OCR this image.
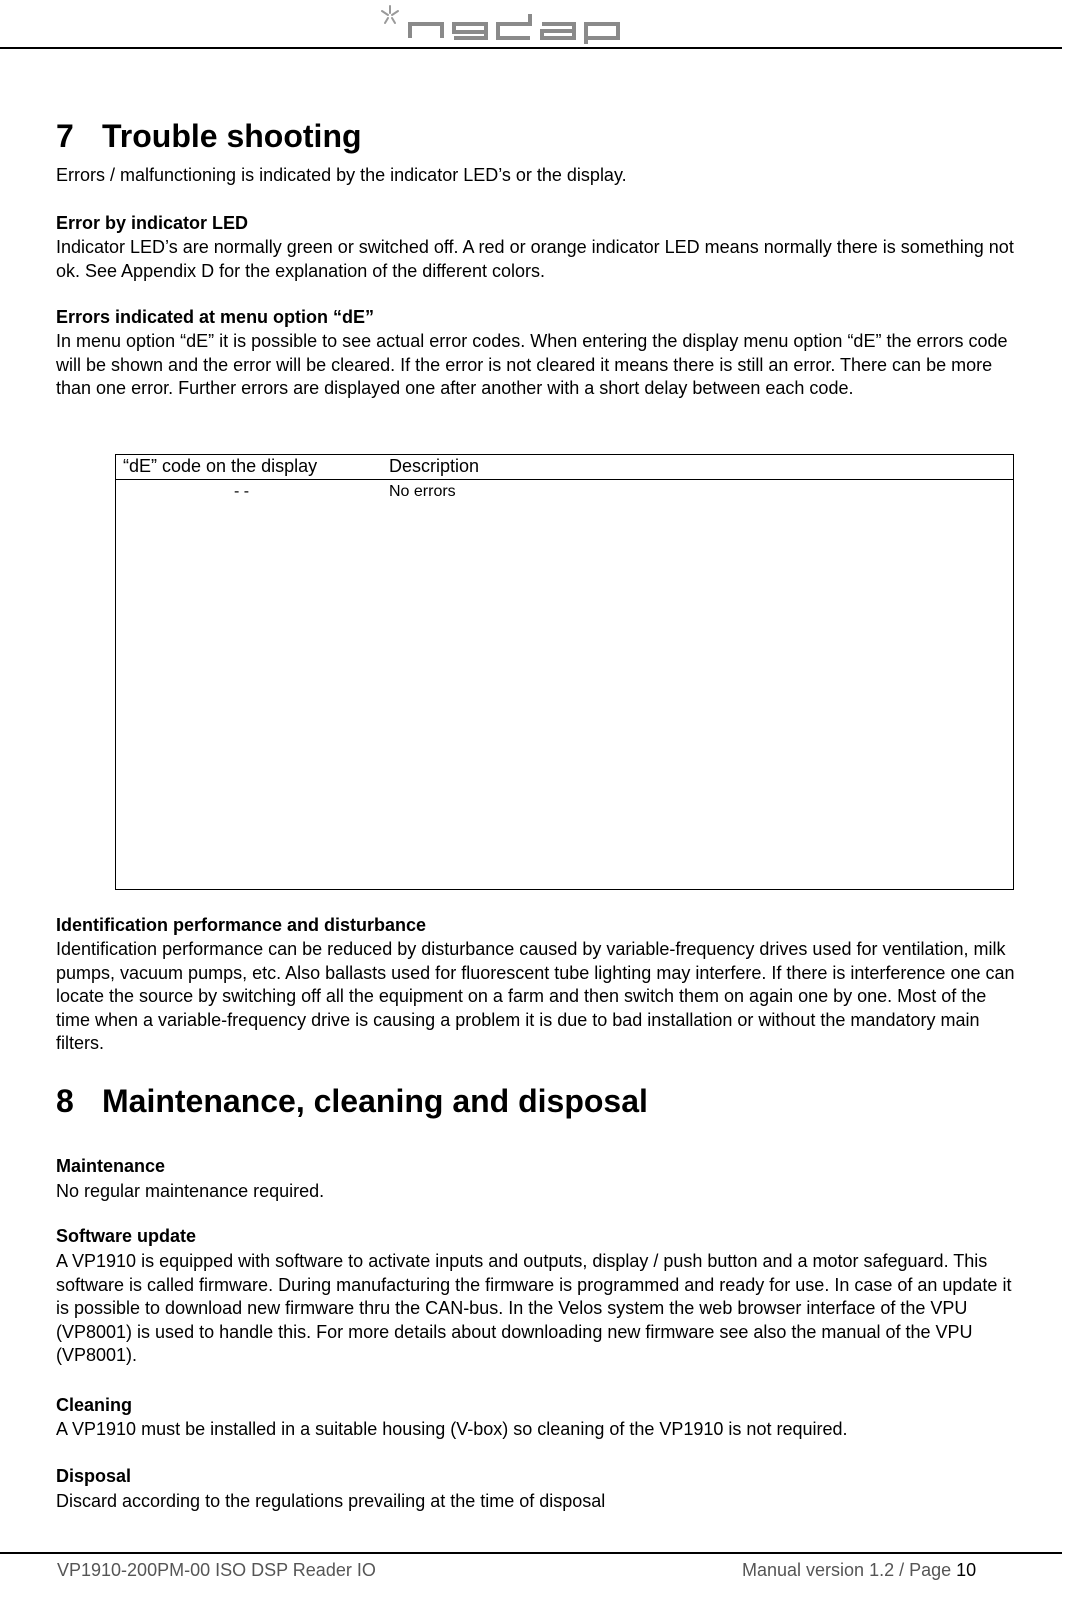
7 Trouble shooting

Errors / malfunctioning is indicated by the indicator LED’s or the display.

Error by indicator LED

Indicator LED’s are normally green or switched off. A red or orange indicator LED means normally there is something not ok. See Appendix D for the explanation of the different colors.

Errors indicated at menu option “dE”

In menu option “dE” it is possible to see actual error codes. When entering the display menu option “dE” the errors code will be shown and the error will be cleared. If the error is not cleared it means there is still an error. There can be more than one error. Further errors are displayed one after another with a short delay between each code.

Identification performance and disturbance

Identification performance can be reduced by disturbance caused by variable-frequency drives used for ventilation, milk pumps, vacuum pumps, etc. Also ballasts used for fluorescent tube lighting may interfere. If there is interference one can locate the source by switching off all the equipment on a farm and then switch them on again one by one. Most of the time when a variable-frequency drive is causing a problem it is due to bad installation or without the mandatory main filters.

8 Maintenance, cleaning and disposal

Maintenance

No regular maintenance required.

Software update

A VP1910 is equipped with software to activate inputs and outputs, display / push button and a motor safeguard. This software is called firmware. During manufacturing the firmware is programmed and ready for use. In case of an update it is possible to download new firmware thru the CAN-bus. In the Velos system the web browser interface of the VPU (VP8001) is used to handle this. For more details about downloading new firmware see also the manual of the VPU (VP8001).

Cleaning

A VP1910 must be installed in a suitable housing (V-box) so cleaning of the VP1910 is not required.

Disposal

Discard according to the regulations prevailing at the time of disposal

“dE” code on the display	Description
- -	No errors
VP1910-200PM-00 ISO DSP Reader IO	Manual version 1.2 / Page 10
